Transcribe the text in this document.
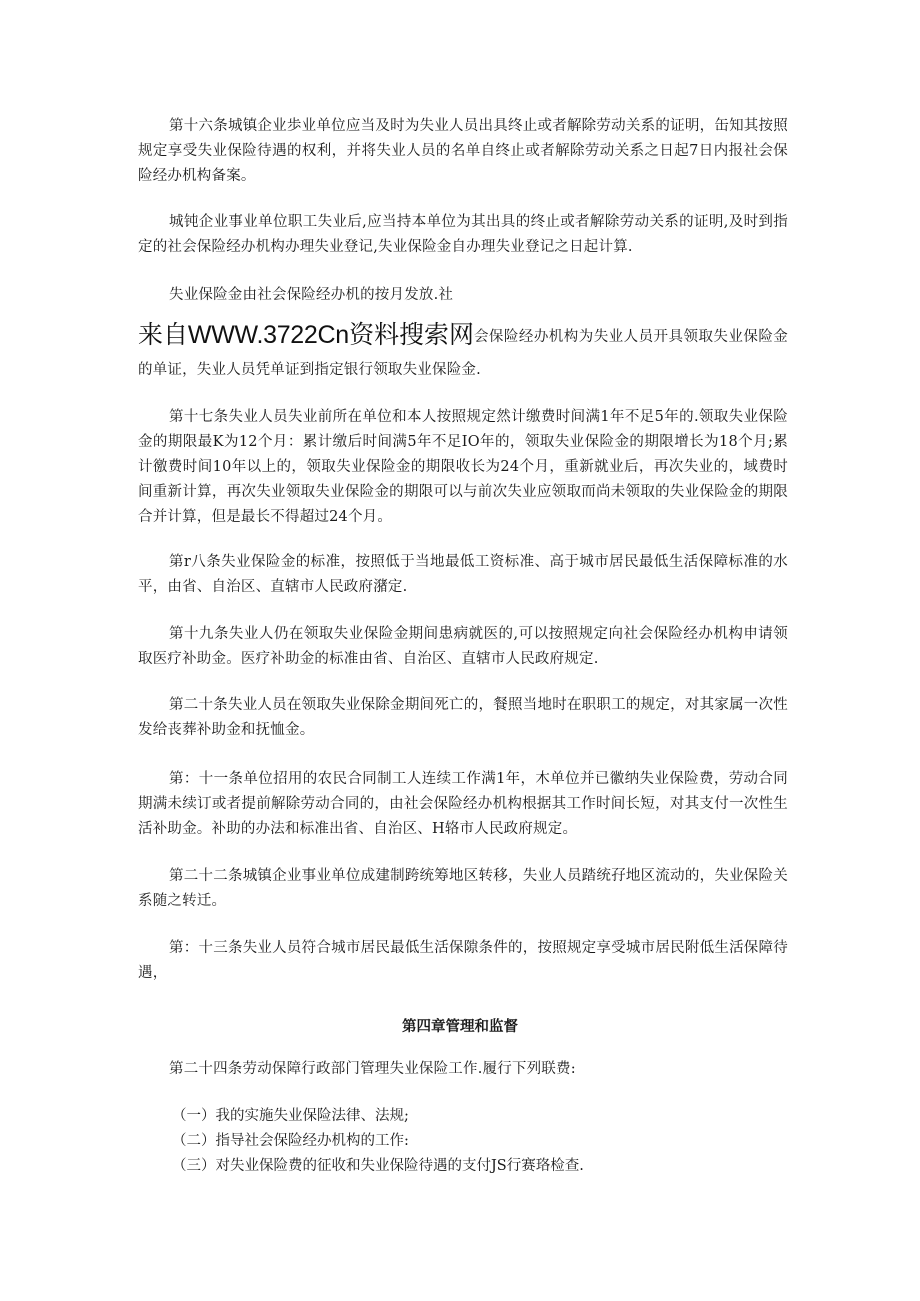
第十六条城镇企业歩业单位应当及时为失业人员出具终止或者解除劳动关系的证明，缶知其按照规定享受失业保险待遇的权利，并将失业人员的名单自终止或者解除劳动关系之日起7日内报社会保险经办机构备案。

城钝企业事业单位职工失业后,应当持本单位为其出具的终止或者解除劳动关系的证明,及时到指定的社会保险经办机构办理失业登记,失业保险金自办理失业登记之日起计算.

失业保险金由社会保险经办机的按月发放.社

来自WWW.3722Cn资料搜索网会保险经办机构为失业人员开具领取失业保险金的单证，失业人员凭单证到指定银行领取失业保险金.

第十七条失业人员失业前所在单位和本人按照规定然计缴费时间满1年不足5年的.领取失业保险金的期限最K为12个月：累计缴后时间满5年不足IO年的，领取失业保险金的期限增长为18个月;累计徼费时间10年以上的，领取失业保险金的期限收长为24个月，重新就业后，再次失业的，域费时间重新计算，再次失业领取失业保险金的期限可以与前次失业应领取而尚未领取的失业保险金的期限合并计算，但是最长不得超过24个月。

第r八条失业保险金的标准，按照低于当地最低工资标准、高于城市居民最低生活保障标准的水平，由省、自治区、直辖市人民政府潴定.

第十九条失业人仍在领取失业保险金期间患病就医的,可以按照规定向社会保险经办机构申请领取医疗补助金。医疗补助金的标准由省、自治区、直辖市人民政府规定.

第二十条失业人员在领取失业保除金期间死亡的，餐照当地时在职职工的规定，对其家属一次性发给丧葬补助金和抚恤金。

第：十一条单位招用的农民合同制工人连续工作满1年，木单位并已徽纳失业保险费，劳动合同期满未续订或者提前解除劳动合同的，由社会保险经办机构根据其工作时间长短，对其支付一次性生活补助金。补助的办法和标准出省、自治区、H辂市人民政府规定。

第二十二条城镇企业事业单位成建制跨统筹地区转移，失业人员踏统孖地区流动的，失业保险关系随之转迁。

第：十三条失业人员符合城市居民最低生活保隙条件的，按照规定享受城市居民附低生活保障待遇，

第四章管理和监督

第二十四条劳动保障行政部门管理失业保险工作.履行下列联费:

（一）我的实施失业保险法律、法规;

（二）指导社会保险经办机构的工作:

（三）对失业保险费的征收和失业保险待遇的支付JS行赛珞检查.
